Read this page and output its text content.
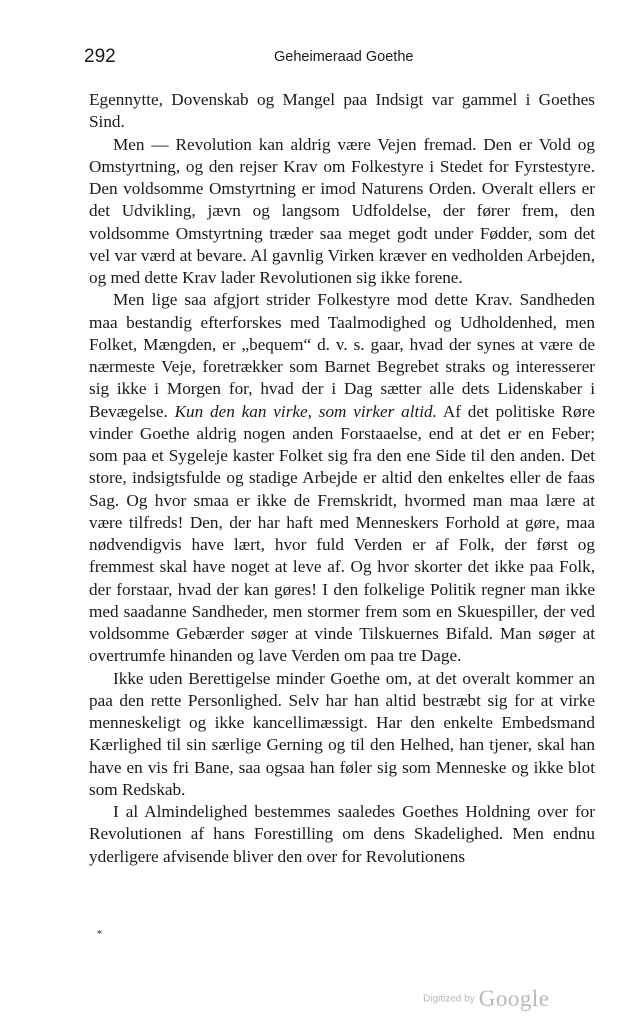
292	Geheimeraad Goethe

Egennytte, Dovenskab og Mangel paa Indsigt var gammel i Goethes Sind.

Men — Revolution kan aldrig være Vejen fremad. Den er Vold og Omstyrtning, og den rejser Krav om Folkestyre i Stedet for Fyrstestyre. Den voldsomme Omstyrtning er imod Naturens Orden. Overalt ellers er det Udvikling, jævn og langsom Udfoldelse, der fører frem, den voldsomme Omstyrtning træder saa meget godt under Fødder, som det vel var værd at bevare. Al gavnlig Virken kræver en vedholden Arbejden, og med dette Krav lader Revolutionen sig ikke forene.

Men lige saa afgjort strider Folkestyre mod dette Krav. Sandheden maa bestandig efterforskes med Taalmodighed og Udholdenhed, men Folket, Mængden, er „bequem“ d. v. s. gaar, hvad der synes at være de nærmeste Veje, foretrækker som Barnet Begrebet straks og interesserer sig ikke i Morgen for, hvad der i Dag sætter alle dets Lidenskaber i Bevægelse. Kun den kan virke, som virker altid. Af det politiske Røre vinder Goethe aldrig nogen anden Forstaaelse, end at det er en Feber; som paa et Sygeleje kaster Folket sig fra den ene Side til den anden. Det store, indsigtsfulde og stadige Arbejde er altid den enkeltes eller de faas Sag. Og hvor smaa er ikke de Fremskridt, hvormed man maa lære at være tilfreds! Den, der har haft med Menneskers Forhold at gøre, maa nødvendigvis have lært, hvor fuld Verden er af Folk, der først og fremmest skal have noget at leve af. Og hvor skorter det ikke paa Folk, der forstaar, hvad der kan gøres! I den folkelige Politik regner man ikke med saadanne Sandheder, men stormer frem som en Skuespiller, der ved voldsomme Gebærder søger at vinde Tilskuernes Bifald. Man søger at overtrumfe hinanden og lave Verden om paa tre Dage.

Ikke uden Berettigelse minder Goethe om, at det overalt kommer an paa den rette Personlighed. Selv har han altid bestræbt sig for at virke menneskeligt og ikke kancellimæssigt. Har den enkelte Embedsmand Kærlighed til sin særlige Gerning og til den Helhed, han tjener, skal han have en vis fri Bane, saa ogsaa han føler sig som Menneske og ikke blot som Redskab.

I al Almindelighed bestemmes saaledes Goethes Holdning over for Revolutionen af hans Forestilling om dens Skadelighed. Men endnu yderligere afvisende bliver den over for Revolutionens

*
Digitized by Google
